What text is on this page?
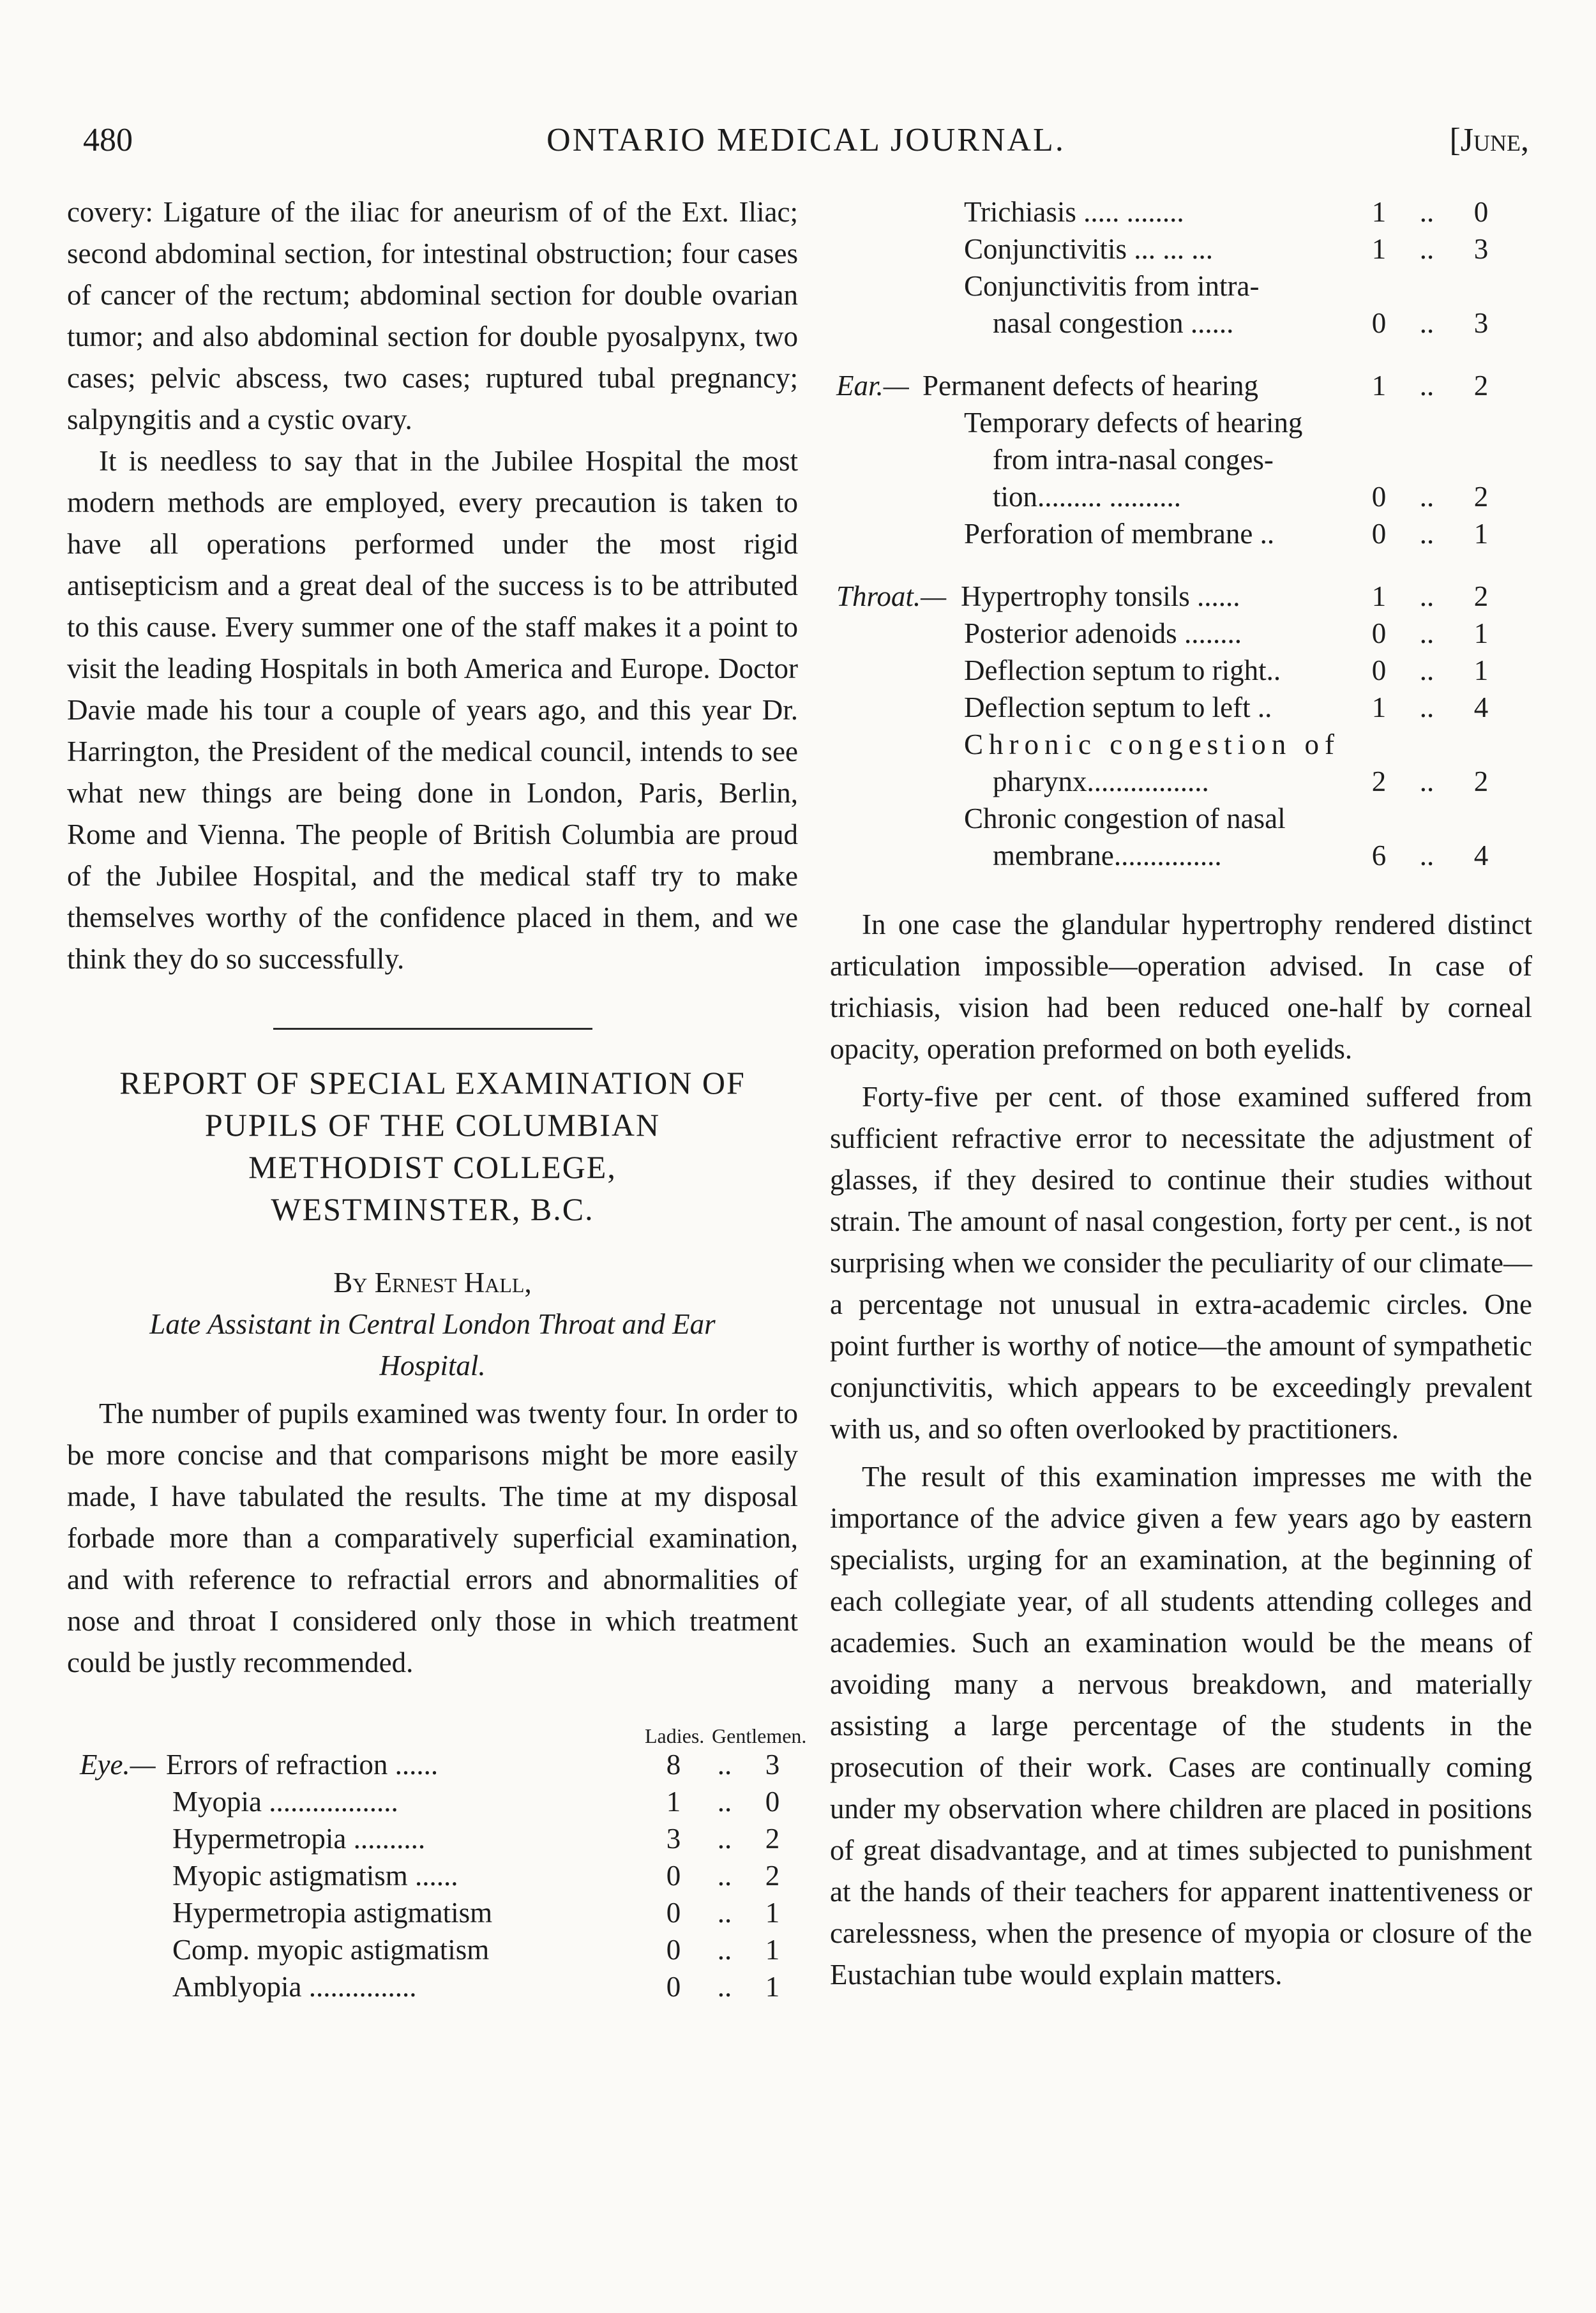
480	ONTARIO MEDICAL JOURNAL.	[June,

covery: Ligature of the iliac for aneurism of of the Ext. Iliac; second abdominal section, for intestinal obstruction; four cases of cancer of the rectum; abdominal section for double ovarian tumor; and also abdominal section for double pyosalpynx, two cases; pelvic abscess, two cases; ruptured tubal pregnancy; salpyngitis and a cystic ovary.

It is needless to say that in the Jubilee Hospital the most modern methods are employed, every precaution is taken to have all operations performed under the most rigid antisepticism and a great deal of the success is to be attributed to this cause. Every summer one of the staff makes it a point to visit the leading Hospitals in both America and Europe. Doctor Davie made his tour a couple of years ago, and this year Dr. Harrington, the President of the medical council, intends to see what new things are being done in London, Paris, Berlin, Rome and Vienna. The people of British Columbia are proud of the Jubilee Hospital, and the medical staff try to make themselves worthy of the confidence placed in them, and we think they do so successfully.

REPORT OF SPECIAL EXAMINATION OF
PUPILS OF THE COLUMBIAN
METHODIST COLLEGE,
WESTMINSTER, B.C.
By Ernest Hall,
Late Assistant in Central London Throat and Ear
Hospital.

The number of pupils examined was twenty four. In order to be more concise and that comparisons might be more easily made, I have tabulated the results. The time at my disposal forbade more than a comparatively superficial examination, and with reference to refractial errors and abnormalities of nose and throat I considered only those in which treatment could be justly recommended.

Ladies. Gentlemen.
Eye.— Errors of refraction ......	8	..	3
Myopia ..................	1	..	0
Hypermetropia ..........	3	..	2
Myopic astigmatism ......	0	..	2
Hypermetropia astigmatism	0	..	1
Comp. myopic astigmatism	0	..	1
Amblyopia ...............	0	..	1
Trichiasis ..... ........	1	..	0
Conjunctivitis ... ... ...	1	..	3
Conjunctivitis from intra-
nasal congestion ......	0	..	3
Ear.— Permanent defects of hearing	1	..	2
Temporary defects of hearing
from intra-nasal conges-
tion......... ..........	0	..	2
Perforation of membrane ..	0	..	1
Throat.— Hypertrophy tonsils ......	1	..	2
Posterior adenoids ........	0	..	1
Deflection septum to right..	0	..	1
Deflection septum to left ..	1	..	4
Chronic congestion of
pharynx.................	2	..	2
Chronic congestion of nasal
membrane...............	6	..	4

In one case the glandular hypertrophy rendered distinct articulation impossible—operation advised. In case of trichiasis, vision had been reduced one-half by corneal opacity, operation preformed on both eyelids.

Forty-five per cent. of those examined suffered from sufficient refractive error to necessitate the adjustment of glasses, if they desired to continue their studies without strain. The amount of nasal congestion, forty per cent., is not surprising when we consider the peculiarity of our climate—a percentage not unusual in extra-academic circles. One point further is worthy of notice—the amount of sympathetic conjunctivitis, which appears to be exceedingly prevalent with us, and so often overlooked by practitioners.

The result of this examination impresses me with the importance of the advice given a few years ago by eastern specialists, urging for an examination, at the beginning of each collegiate year, of all students attending colleges and academies. Such an examination would be the means of avoiding many a nervous breakdown, and materially assisting a large percentage of the students in the prosecution of their work. Cases are continually coming under my observation where children are placed in positions of great disadvantage, and at times subjected to punishment at the hands of their teachers for apparent inattentiveness or carelessness, when the presence of myopia or closure of the Eustachian tube would explain matters.
